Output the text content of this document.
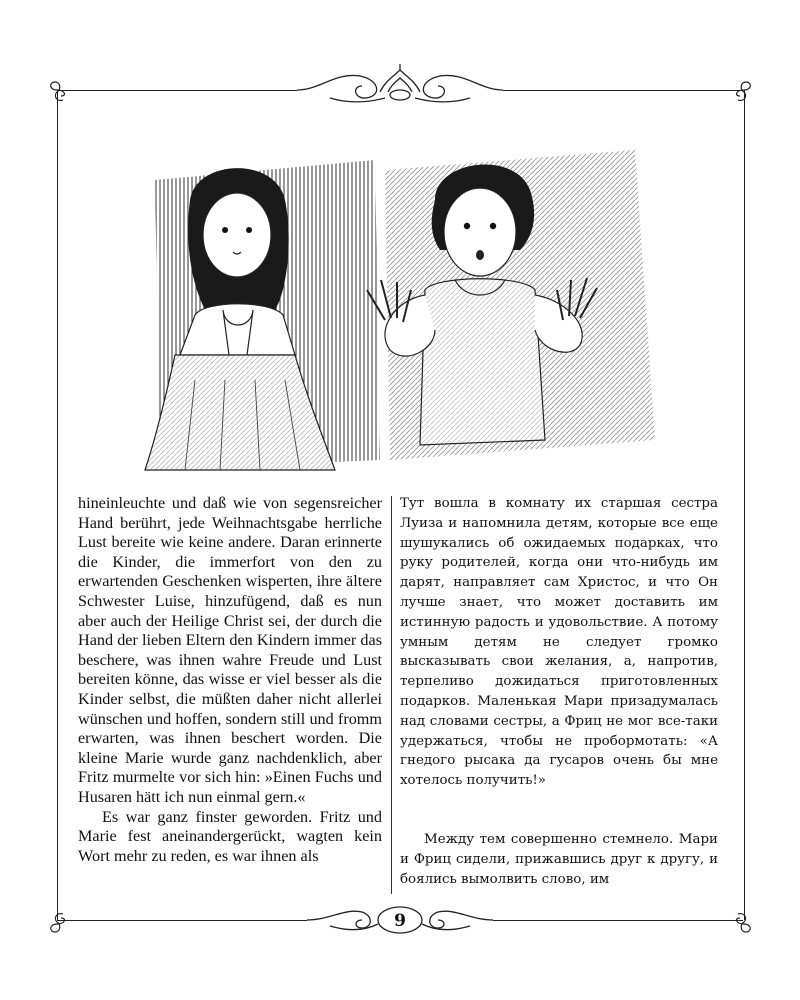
9

hineinleuchte und daß wie von segensreicher Hand berührt, jede Weihnachtsgabe herrliche Lust bereite wie keine andere. Daran erinnerte die Kinder, die immerfort von den zu erwartenden Geschenken wisperten, ihre ältere Schwester Luise, hinzufügend, daß es nun aber auch der Heilige Christ sei, der durch die Hand der lieben Eltern den Kindern immer das beschere, was ihnen wahre Freude und Lust bereiten könne, das wisse er viel besser als die Kinder selbst, die müßten daher nicht allerlei wünschen und hoffen, sondern still und fromm erwarten, was ihnen beschert worden. Die kleine Marie wurde ganz nachdenklich, aber Fritz murmelte vor sich hin: »Einen Fuchs und Husaren hätt ich nun einmal gern.«

Es war ganz finster geworden. Fritz und Marie fest aneinandergerückt, wagten kein Wort mehr zu reden, es war ihnen als

Тут вошла в комнату их старшая сестра Луиза и напомнила детям, которые все еще шушукались об ожидаемых подарках, что руку родителей, когда они что-нибудь им дарят, направляет сам Христос, и что Он лучше знает, что может доставить им истинную радость и удовольствие. А потому умным детям не следует громко высказывать свои желания, а, напротив, терпеливо дожидаться приготовленных подарков. Маленькая Мари призадумалась над словами сестры, а Фриц не мог все-таки удержаться, чтобы не пробормотать: «А гнедого рысака да гусаров очень бы мне хотелось получить!»

Между тем совершенно стемнело. Мари и Фриц сидели, прижавшись друг к другу, и боялись вымолвить слово, им
